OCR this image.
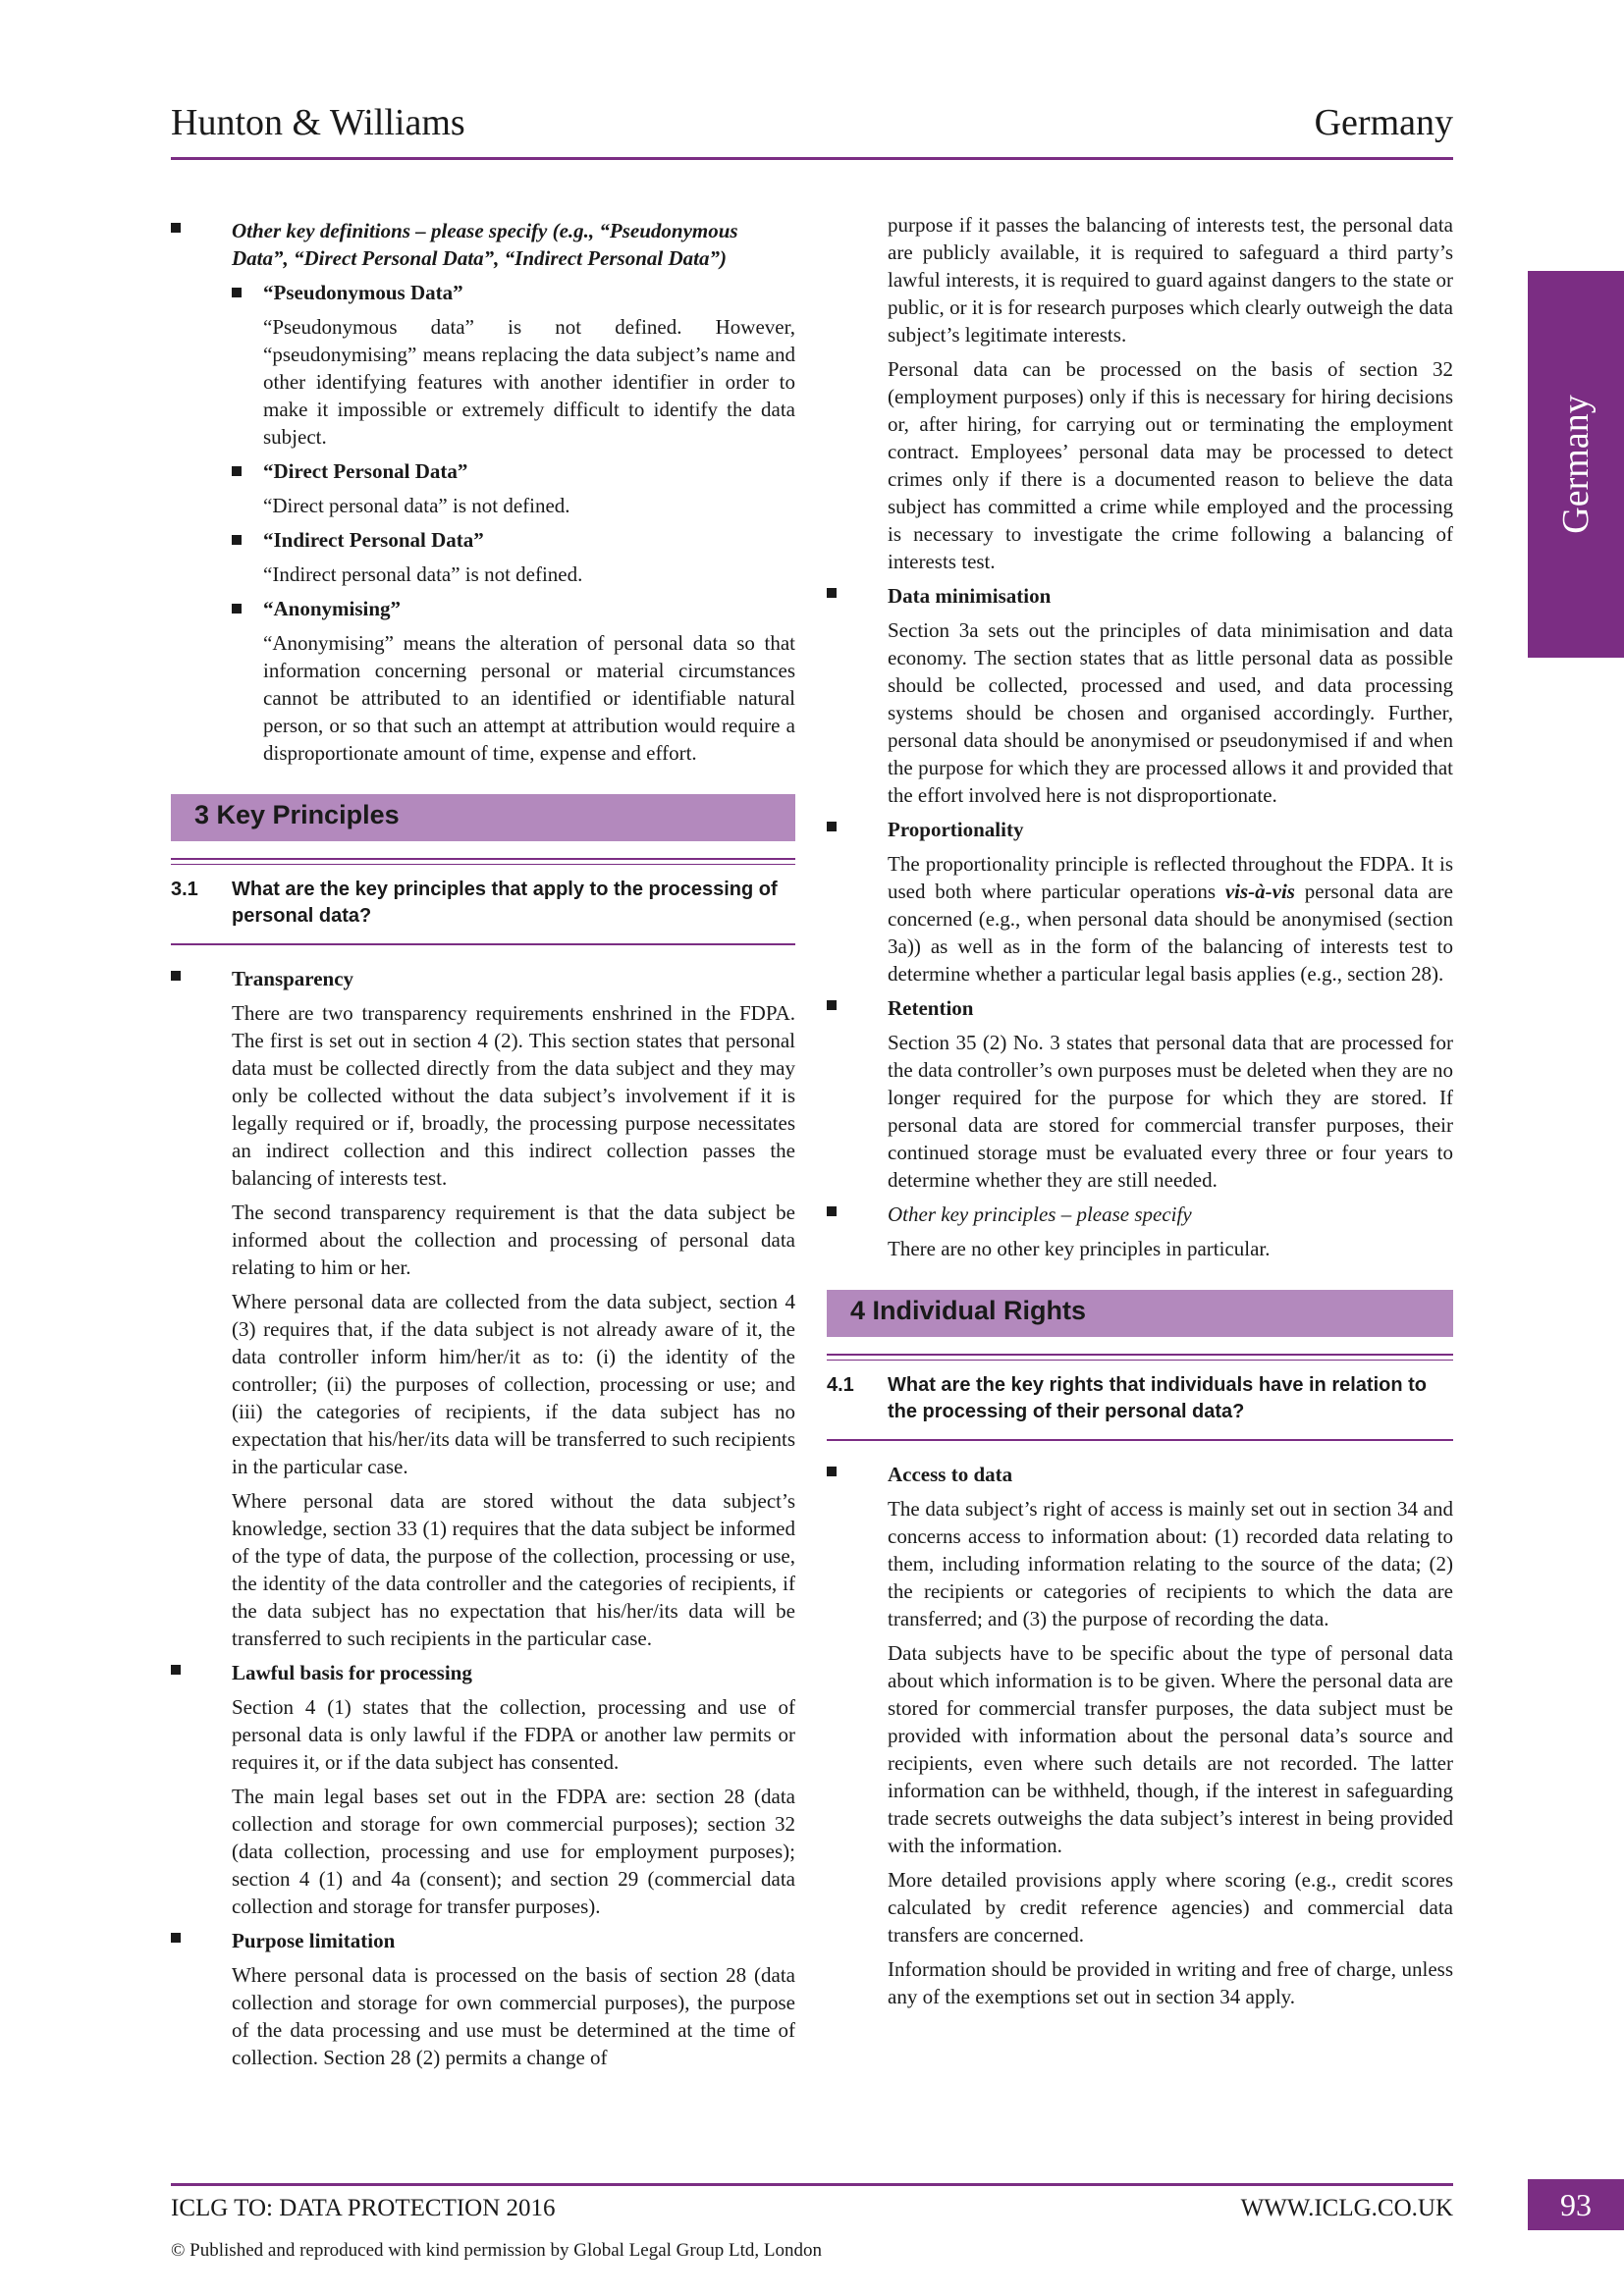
Hunton & Williams	Germany
Germany
Other key definitions – please specify (e.g., “Pseudonymous Data”, “Direct Personal Data”, “Indirect Personal Data”)
“Pseudonymous Data”

“Pseudonymous data” is not defined. However, “pseudonymising” means replacing the data subject’s name and other identifying features with another identifier in order to make it impossible or extremely difficult to identify the data subject.

“Direct Personal Data”

“Direct personal data” is not defined.

“Indirect Personal Data”

“Indirect personal data” is not defined.

“Anonymising”

“Anonymising” means the alteration of personal data so that information concerning personal or material circumstances cannot be attributed to an identified or identifiable natural person, or so that such an attempt at attribution would require a disproportionate amount of time, expense and effort.

3 Key Principles
3.1 What are the key principles that apply to the processing of personal data?
Transparency

There are two transparency requirements enshrined in the FDPA. The first is set out in section 4 (2). This section states that personal data must be collected directly from the data subject and they may only be collected without the data subject’s involvement if it is legally required or if, broadly, the processing purpose necessitates an indirect collection and this indirect collection passes the balancing of interests test.

The second transparency requirement is that the data subject be informed about the collection and processing of personal data relating to him or her.

Where personal data are collected from the data subject, section 4 (3) requires that, if the data subject is not already aware of it, the data controller inform him/her/it as to: (i) the identity of the controller; (ii) the purposes of collection, processing or use; and (iii) the categories of recipients, if the data subject has no expectation that his/her/its data will be transferred to such recipients in the particular case.

Where personal data are stored without the data subject’s knowledge, section 33 (1) requires that the data subject be informed of the type of data, the purpose of the collection, processing or use, the identity of the data controller and the categories of recipients, if the data subject has no expectation that his/her/its data will be transferred to such recipients in the particular case.

Lawful basis for processing

Section 4 (1) states that the collection, processing and use of personal data is only lawful if the FDPA or another law permits or requires it, or if the data subject has consented.

The main legal bases set out in the FDPA are: section 28 (data collection and storage for own commercial purposes); section 32 (data collection, processing and use for employment purposes); section 4 (1) and 4a (consent); and section 29 (commercial data collection and storage for transfer purposes).

Purpose limitation

Where personal data is processed on the basis of section 28 (data collection and storage for own commercial purposes), the purpose of the data processing and use must be determined at the time of collection. Section 28 (2) permits a change of

purpose if it passes the balancing of interests test, the personal data are publicly available, it is required to safeguard a third party’s lawful interests, it is required to guard against dangers to the state or public, or it is for research purposes which clearly outweigh the data subject’s legitimate interests.

Personal data can be processed on the basis of section 32 (employment purposes) only if this is necessary for hiring decisions or, after hiring, for carrying out or terminating the employment contract. Employees’ personal data may be processed to detect crimes only if there is a documented reason to believe the data subject has committed a crime while employed and the processing is necessary to investigate the crime following a balancing of interests test.

Data minimisation

Section 3a sets out the principles of data minimisation and data economy. The section states that as little personal data as possible should be collected, processed and used, and data processing systems should be chosen and organised accordingly. Further, personal data should be anonymised or pseudonymised if and when the purpose for which they are processed allows it and provided that the effort involved here is not disproportionate.

Proportionality

The proportionality principle is reflected throughout the FDPA. It is used both where particular operations vis-à-vis personal data are concerned (e.g., when personal data should be anonymised (section 3a)) as well as in the form of the balancing of interests test to determine whether a particular legal basis applies (e.g., section 28).

Retention

Section 35 (2) No. 3 states that personal data that are processed for the data controller’s own purposes must be deleted when they are no longer required for the purpose for which they are stored. If personal data are stored for commercial transfer purposes, their continued storage must be evaluated every three or four years to determine whether they are still needed.

Other key principles – please specify

There are no other key principles in particular.

4 Individual Rights
4.1 What are the key rights that individuals have in relation to the processing of their personal data?
Access to data

The data subject’s right of access is mainly set out in section 34 and concerns access to information about: (1) recorded data relating to them, including information relating to the source of the data; (2) the recipients or categories of recipients to which the data are transferred; and (3) the purpose of recording the data.

Data subjects have to be specific about the type of personal data about which information is to be given. Where the personal data are stored for commercial transfer purposes, the data subject must be provided with information about the personal data’s source and recipients, even where such details are not recorded. The latter information can be withheld, though, if the interest in safeguarding trade secrets outweighs the data subject’s interest in being provided with the information.

More detailed provisions apply where scoring (e.g., credit scores calculated by credit reference agencies) and commercial data transfers are concerned.

Information should be provided in writing and free of charge, unless any of the exemptions set out in section 34 apply.

ICLG TO: DATA PROTECTION 2016	WWW.ICLG.CO.UK
© Published and reproduced with kind permission by Global Legal Group Ltd, London
93
